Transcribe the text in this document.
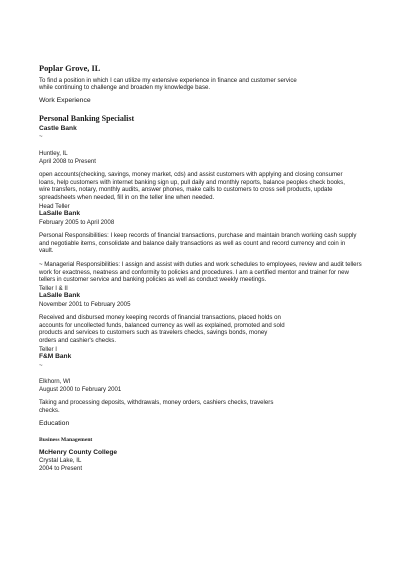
Poplar Grove, IL

To find a position in which I can utilize my extensive experience in finance and customer service while continuing to challenge and broaden my knowledge base.

Work Experience
Personal Banking Specialist
Castle Bank
~
Huntley, IL
April 2008 to Present

open accounts(checking, savings, money market, cds) and assist customers with applying and closing consumer loans, help customers with internet banking sign up, pull daily and monthly reports, balance peoples check books, wire transfers, notary, monthly audits, answer phones, make calls to customers to cross sell products, update spreadsheets when needed, fill in on the teller line when needed.

Head Teller
LaSalle Bank
February 2005 to April 2008

Personal Responsibilities: I keep records of financial transactions, purchase and maintain branch working cash supply and negotiable items, consolidate and balance daily transactions as well as count and record currency and coin in vault.

~ Managerial Responsibilities: I assign and assist with duties and work schedules to employees, review and audit tellers work for exactness, neatness and conformity to policies and procedures. I am a certified mentor and trainer for new tellers in customer service and banking policies as well as conduct weekly meetings.

Teller I & II
LaSalle Bank
November 2001 to February 2005

Received and disbursed money keeping records of financial transactions, placed holds on accounts for uncollected funds, balanced currency as well as explained, promoted and sold products and services to customers such as travelers checks, savings bonds, money orders and cashier's checks.

Teller I
F&M Bank
~
Elkhorn, WI
August 2000 to February 2001

Taking and processing deposits, withdrawals, money orders, cashiers checks, travelers checks.

Education
Business Management
McHenry County College
Crystal Lake, IL
2004 to Present
